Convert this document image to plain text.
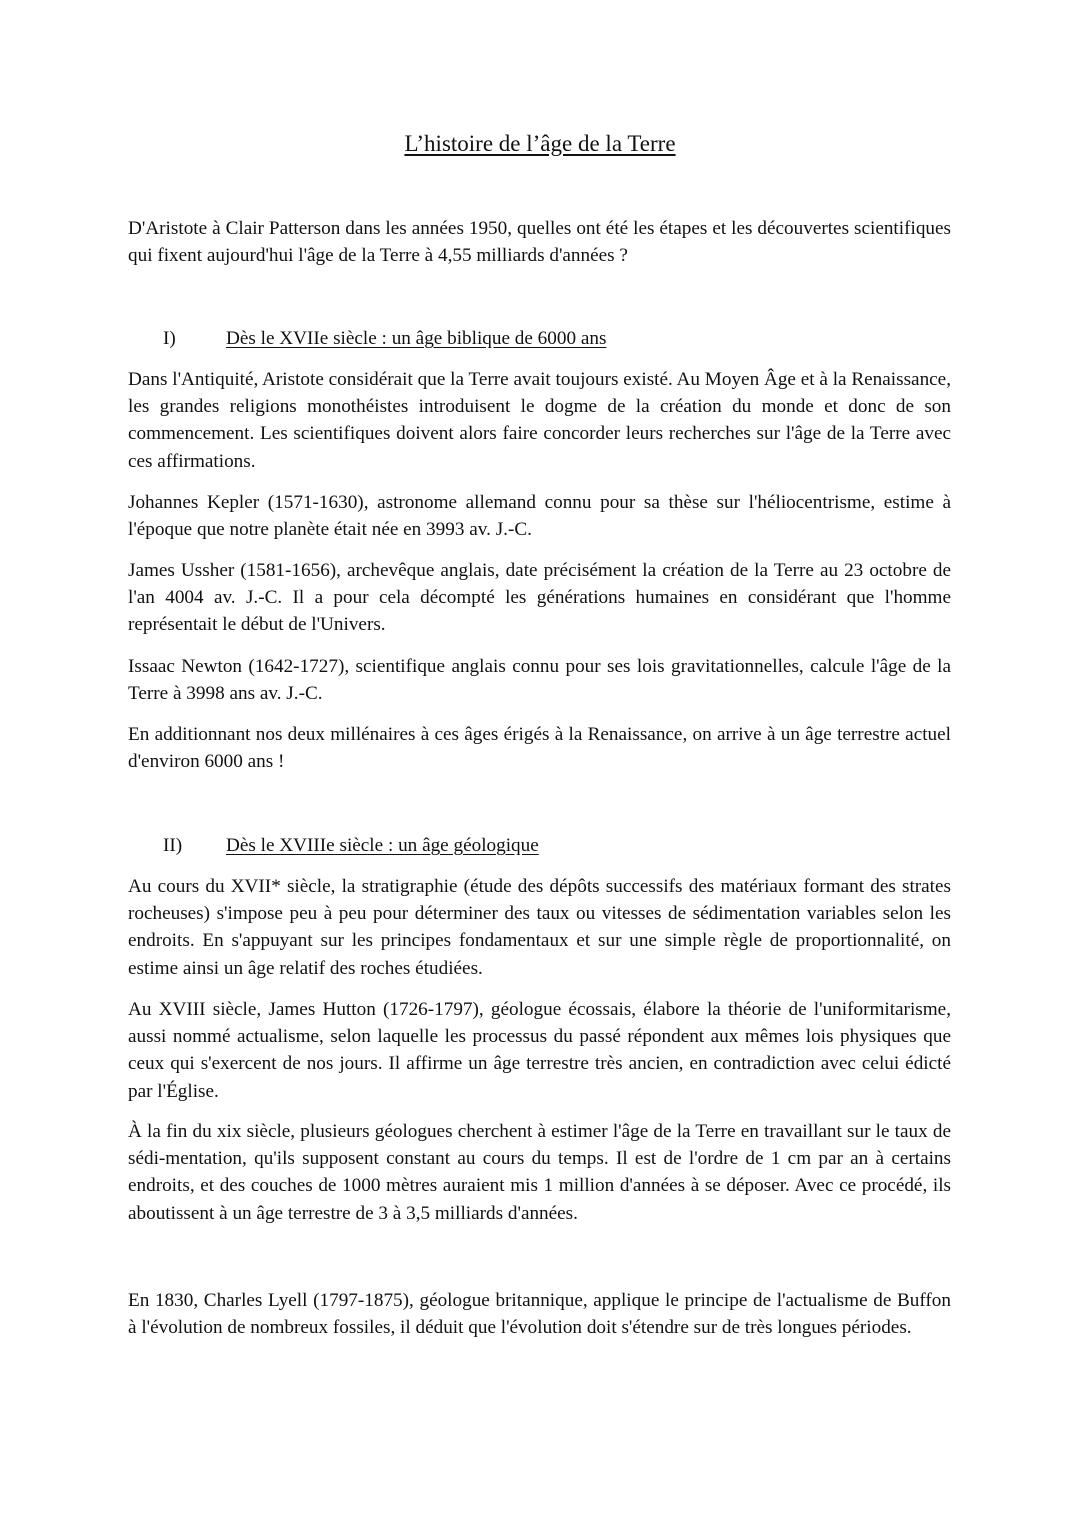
L’histoire de l’âge de la Terre

D'Aristote à Clair Patterson dans les années 1950, quelles ont été les étapes et les découvertes scientifiques qui fixent aujourd'hui l'âge de la Terre à 4,55 milliards d'années ?

I)	Dès le XVIIe siècle : un âge biblique de 6000 ans

Dans l'Antiquité, Aristote considérait que la Terre avait toujours existé. Au Moyen Âge et à la Renaissance, les grandes religions monothéistes introduisent le dogme de la création du monde et donc de son commencement. Les scientifiques doivent alors faire concorder leurs recherches sur l'âge de la Terre avec ces affirmations.

Johannes Kepler (1571-1630), astronome allemand connu pour sa thèse sur l'héliocentrisme, estime à l'époque que notre planète était née en 3993 av. J.-C.

James Ussher (1581-1656), archevêque anglais, date précisément la création de la Terre au 23 octobre de l'an 4004 av. J.-C. Il a pour cela décompté les générations humaines en considérant que l'homme représentait le début de l'Univers.

Issaac Newton (1642-1727), scientifique anglais connu pour ses lois gravitationnelles, calcule l'âge de la Terre à 3998 ans av. J.-C.

En additionnant nos deux millénaires à ces âges érigés à la Renaissance, on arrive à un âge terrestre actuel d'environ 6000 ans !

II) Dès le XVIIIe siècle : un âge géologique

Au cours du XVII* siècle, la stratigraphie (étude des dépôts successifs des matériaux formant des strates rocheuses) s'impose peu à peu pour déterminer des taux ou vitesses de sédimentation variables selon les endroits. En s'appuyant sur les principes fondamentaux et sur une simple règle de proportionnalité, on estime ainsi un âge relatif des roches étudiées.

Au XVIII siècle, James Hutton (1726-1797), géologue écossais, élabore la théorie de l'uniformitarisme, aussi nommé actualisme, selon laquelle les processus du passé répondent aux mêmes lois physiques que ceux qui s'exercent de nos jours. Il affirme un âge terrestre très ancien, en contradiction avec celui édicté par l'Église.

À la fin du xix siècle, plusieurs géologues cherchent à estimer l'âge de la Terre en travaillant sur le taux de sédi-mentation, qu'ils supposent constant au cours du temps. Il est de l'ordre de 1 cm par an à certains endroits, et des couches de 1000 mètres auraient mis 1 million d'années à se déposer. Avec ce procédé, ils aboutissent à un âge terrestre de 3 à 3,5 milliards d'années.

En 1830, Charles Lyell (1797-1875), géologue britannique, applique le principe de l'actualisme de Buffon à l'évolution de nombreux fossiles, il déduit que l'évolution doit s'étendre sur de très longues périodes.
